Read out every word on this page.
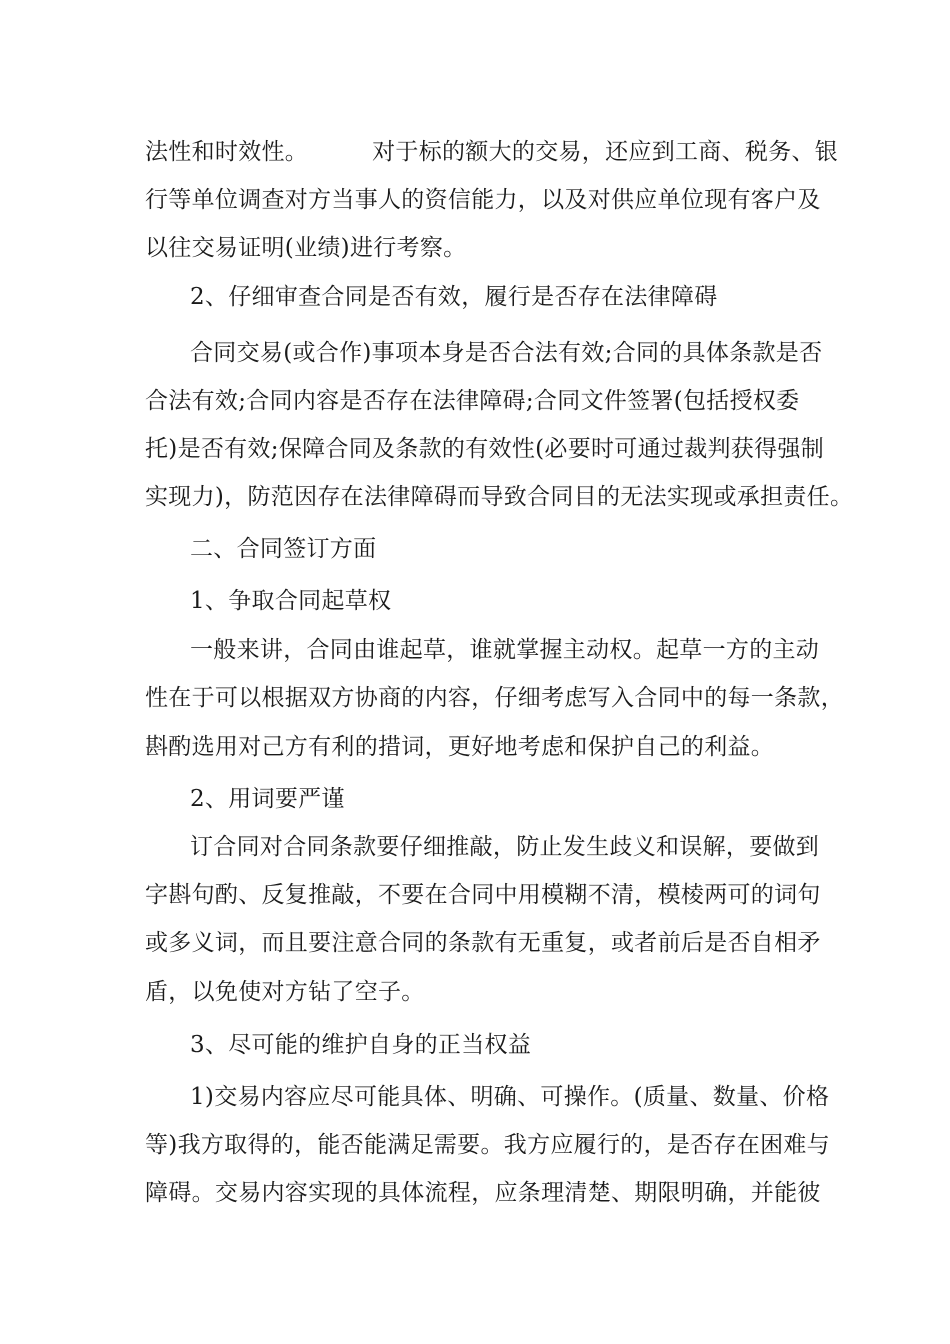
法性和时效性。	对于标的额大的交易，还应到工商、税务、银
行等单位调查对方当事人的资信能力，以及对供应单位现有客户及
以往交易证明(业绩)进行考察。
2、仔细审查合同是否有效，履行是否存在法律障碍
合同交易(或合作)事项本身是否合法有效;合同的具体条款是否
合法有效;合同内容是否存在法律障碍;合同文件签署(包括授权委
托)是否有效;保障合同及条款的有效性(必要时可通过裁判获得强制
实现力)，防范因存在法律障碍而导致合同目的无法实现或承担责任。
二、合同签订方面
1、争取合同起草权
一般来讲，合同由谁起草，谁就掌握主动权。起草一方的主动
性在于可以根据双方协商的内容，仔细考虑写入合同中的每一条款，
斟酌选用对己方有利的措词，更好地考虑和保护自己的利益。
2、用词要严谨
订合同对合同条款要仔细推敲，防止发生歧义和误解，要做到
字斟句酌、反复推敲，不要在合同中用模糊不清，模棱两可的词句
或多义词，而且要注意合同的条款有无重复，或者前后是否自相矛
盾，以免使对方钻了空子。
3、尽可能的维护自身的正当权益
1)交易内容应尽可能具体、明确、可操作。(质量、数量、价格
等)我方取得的，能否能满足需要。我方应履行的，是否存在困难与
障碍。交易内容实现的具体流程，应条理清楚、期限明确，并能彼
